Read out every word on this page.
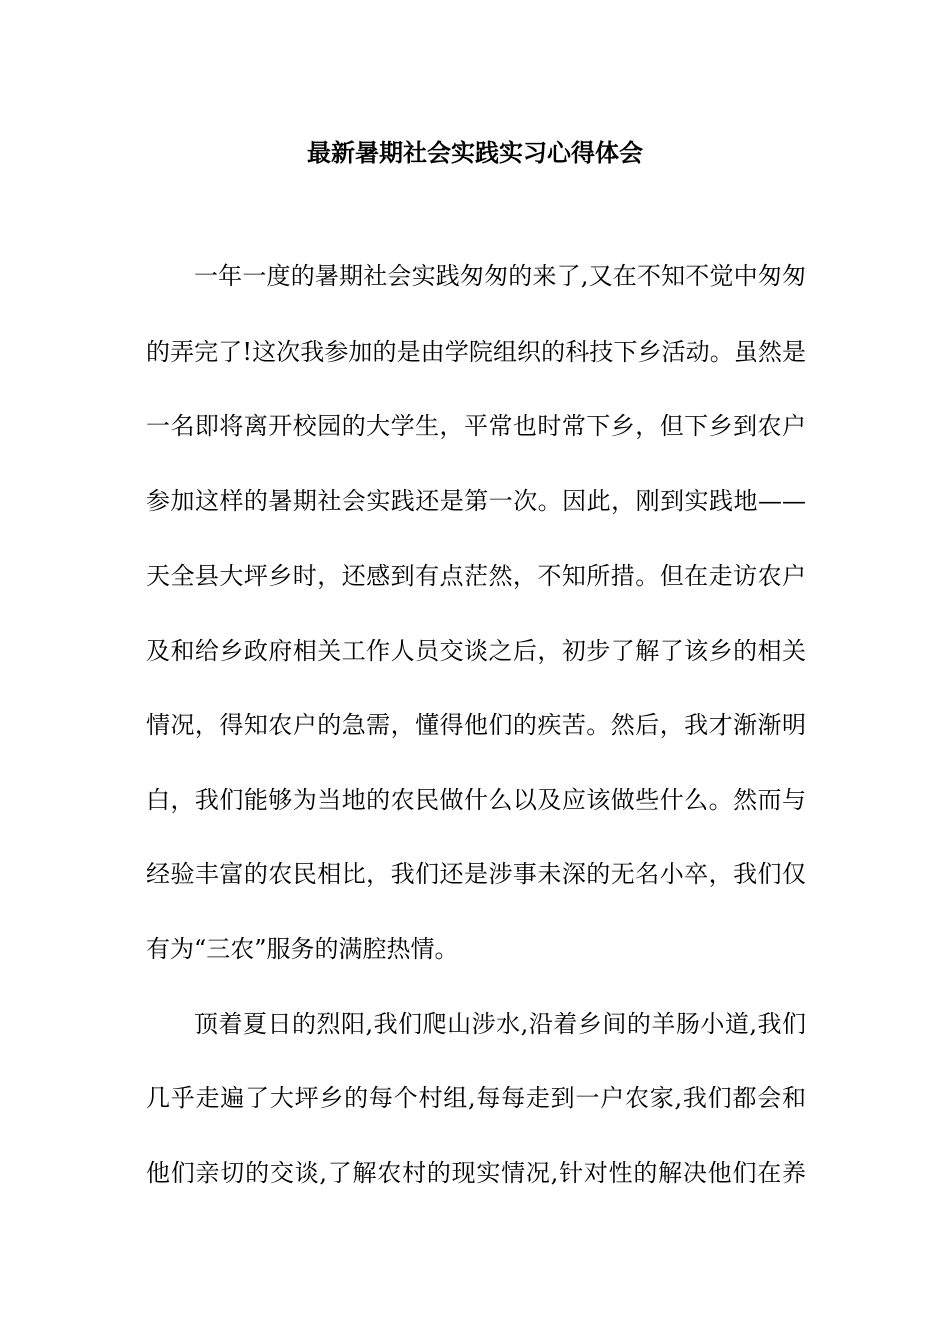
最新暑期社会实践实习心得体会

一年一度的暑期社会实践匆匆的来了,又在不知不觉中匆匆

的弄完了!这次我参加的是由学院组织的科技下乡活动。虽然是

一名即将离开校园的大学生，平常也时常下乡，但下乡到农户

参加这样的暑期社会实践还是第一次。因此，刚到实践地——

天全县大坪乡时，还感到有点茫然，不知所措。但在走访农户

及和给乡政府相关工作人员交谈之后，初步了解了该乡的相关

情况，得知农户的急需，懂得他们的疾苦。然后，我才渐渐明

白，我们能够为当地的农民做什么以及应该做些什么。然而与

经验丰富的农民相比，我们还是涉事未深的无名小卒，我们仅

有为“三农”服务的满腔热情。

顶着夏日的烈阳,我们爬山涉水,沿着乡间的羊肠小道,我们

几乎走遍了大坪乡的每个村组,每每走到一户农家,我们都会和

他们亲切的交谈,了解农村的现实情况,针对性的解决他们在养
